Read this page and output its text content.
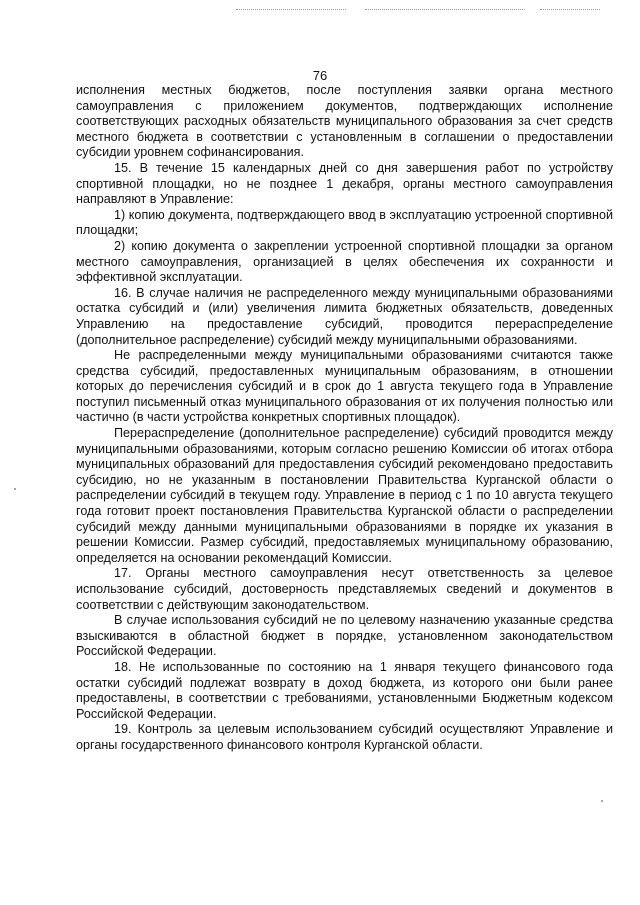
76

исполнения местных бюджетов, после поступления заявки органа местного самоуправления с приложением документов, подтверждающих исполнение соответствующих расходных обязательств муниципального образования за счет средств местного бюджета в соответствии с установленным в соглашении о предоставлении субсидии уровнем софинансирования.

15. В течение 15 календарных дней со дня завершения работ по устройству спортивной площадки, но не позднее 1 декабря, органы местного самоуправления направляют в Управление:

1) копию документа, подтверждающего ввод в эксплуатацию устроенной спортивной площадки;

2) копию документа о закреплении устроенной спортивной площадки за органом местного самоуправления, организацией в целях обеспечения их сохранности и эффективной эксплуатации.

16. В случае наличия не распределенного между муниципальными образованиями остатка субсидий и (или) увеличения лимита бюджетных обязательств, доведенных Управлению на предоставление субсидий, проводится перераспределение (дополнительное распределение) субсидий между муниципальными образованиями.

Не распределенными между муниципальными образованиями считаются также средства субсидий, предоставленных муниципальным образованиям, в отношении которых до перечисления субсидий и в срок до 1 августа текущего года в Управление поступил письменный отказ муниципального образования от их получения полностью или частично (в части устройства конкретных спортивных площадок).

Перераспределение (дополнительное распределение) субсидий проводится между муниципальными образованиями, которым согласно решению Комиссии об итогах отбора муниципальных образований для предоставления субсидий рекомендовано предоставить субсидию, но не указанным в постановлении Правительства Курганской области о распределении субсидий в текущем году. Управление в период с 1 по 10 августа текущего года готовит проект постановления Правительства Курганской области о распределении субсидий между данными муниципальными образованиями в порядке их указания в решении Комиссии. Размер субсидий, предоставляемых муниципальному образованию, определяется на основании рекомендаций Комиссии.

17. Органы местного самоуправления несут ответственность за целевое использование субсидий, достоверность представляемых сведений и документов в соответствии с действующим законодательством.

В случае использования субсидий не по целевому назначению указанные средства взыскиваются в областной бюджет в порядке, установленном законодательством Российской Федерации.

18. Не использованные по состоянию на 1 января текущего финансового года остатки субсидий подлежат возврату в доход бюджета, из которого они были ранее предоставлены, в соответствии с требованиями, установленными Бюджетным кодексом Российской Федерации.

19. Контроль за целевым использованием субсидий осуществляют Управление и органы государственного финансового контроля Курганской области.
